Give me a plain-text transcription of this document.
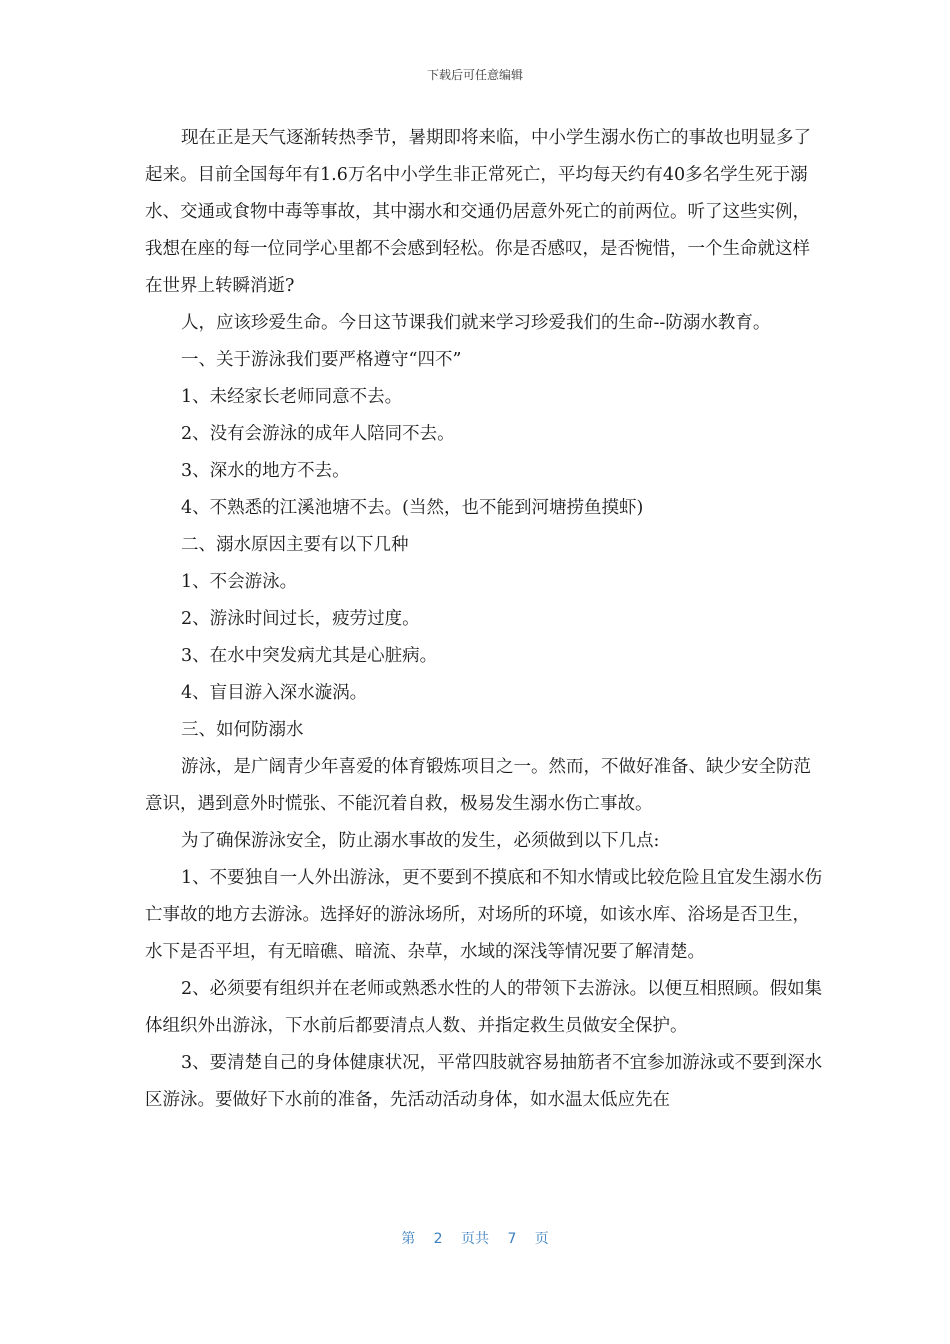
下载后可任意编辑

现在正是天气逐渐转热季节，暑期即将来临，中小学生溺水伤亡的事故也明显多了起来。目前全国每年有1.6万名中小学生非正常死亡，平均每天约有40多名学生死于溺水、交通或食物中毒等事故，其中溺水和交通仍居意外死亡的前两位。听了这些实例，我想在座的每一位同学心里都不会感到轻松。你是否感叹，是否惋惜，一个生命就这样在世界上转瞬消逝?

人，应该珍爱生命。今日这节课我们就来学习珍爱我们的生命--防溺水教育。

一、关于游泳我们要严格遵守“四不”

1、未经家长老师同意不去。

2、没有会游泳的成年人陪同不去。

3、深水的地方不去。

4、不熟悉的江溪池塘不去。(当然，也不能到河塘捞鱼摸虾)

二、溺水原因主要有以下几种

1、不会游泳。

2、游泳时间过长，疲劳过度。

3、在水中突发病尤其是心脏病。

4、盲目游入深水漩涡。

三、如何防溺水

游泳，是广阔青少年喜爱的体育锻炼项目之一。然而，不做好准备、缺少安全防范意识，遇到意外时慌张、不能沉着自救，极易发生溺水伤亡事故。

为了确保游泳安全，防止溺水事故的发生，必须做到以下几点:

1、不要独自一人外出游泳，更不要到不摸底和不知水情或比较危险且宜发生溺水伤亡事故的地方去游泳。选择好的游泳场所，对场所的环境，如该水库、浴场是否卫生，水下是否平坦，有无暗礁、暗流、杂草，水域的深浅等情况要了解清楚。

2、必须要有组织并在老师或熟悉水性的人的带领下去游泳。以便互相照顾。假如集体组织外出游泳，下水前后都要清点人数、并指定救生员做安全保护。

3、要清楚自己的身体健康状况，平常四肢就容易抽筋者不宜参加游泳或不要到深水区游泳。要做好下水前的准备，先活动活动身体，如水温太低应先在

第 2 页共 7 页
